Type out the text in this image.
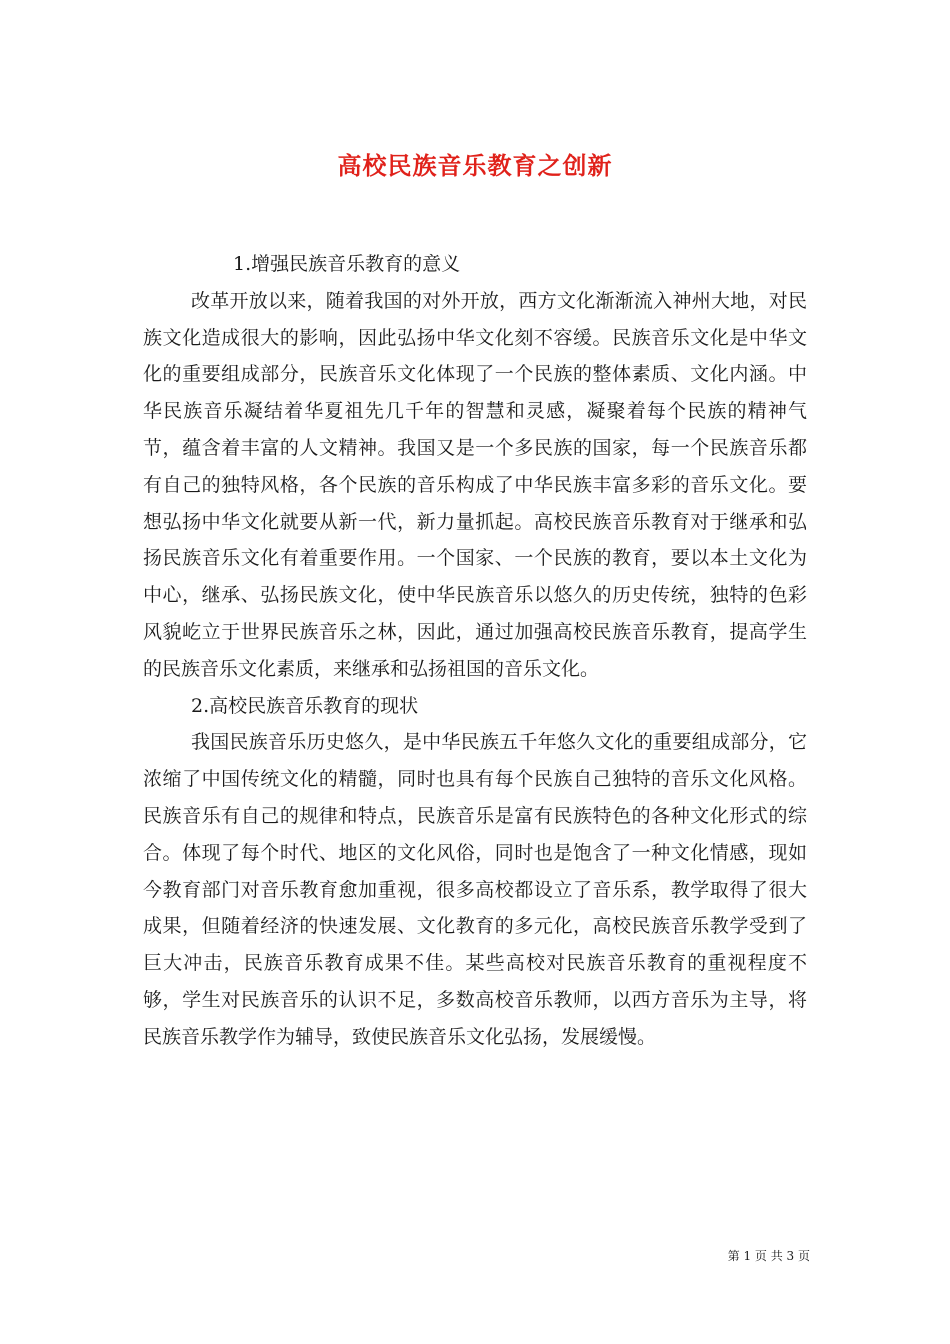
高校民族音乐教育之创新

1.增强民族音乐教育的意义

改革开放以来，随着我国的对外开放，西方文化渐渐流入神州大地，对民族文化造成很大的影响，因此弘扬中华文化刻不容缓。民族音乐文化是中华文化的重要组成部分，民族音乐文化体现了一个民族的整体素质、文化内涵。中华民族音乐凝结着华夏祖先几千年的智慧和灵感，凝聚着每个民族的精神气节，蕴含着丰富的人文精神。我国又是一个多民族的国家，每一个民族音乐都有自己的独特风格，各个民族的音乐构成了中华民族丰富多彩的音乐文化。要想弘扬中华文化就要从新一代，新力量抓起。高校民族音乐教育对于继承和弘扬民族音乐文化有着重要作用。一个国家、一个民族的教育，要以本土文化为中心，继承、弘扬民族文化，使中华民族音乐以悠久的历史传统，独特的色彩风貌屹立于世界民族音乐之林，因此，通过加强高校民族音乐教育，提高学生的民族音乐文化素质，来继承和弘扬祖国的音乐文化。

2.高校民族音乐教育的现状

我国民族音乐历史悠久，是中华民族五千年悠久文化的重要组成部分，它浓缩了中国传统文化的精髓，同时也具有每个民族自己独特的音乐文化风格。民族音乐有自己的规律和特点，民族音乐是富有民族特色的各种文化形式的综合。体现了每个时代、地区的文化风俗，同时也是饱含了一种文化情感，现如今教育部门对音乐教育愈加重视，很多高校都设立了音乐系，教学取得了很大成果，但随着经济的快速发展、文化教育的多元化，高校民族音乐教学受到了巨大冲击，民族音乐教育成果不佳。某些高校对民族音乐教育的重视程度不够，学生对民族音乐的认识不足，多数高校音乐教师，以西方音乐为主导，将民族音乐教学作为辅导，致使民族音乐文化弘扬，发展缓慢。

第 1 页 共 3 页
